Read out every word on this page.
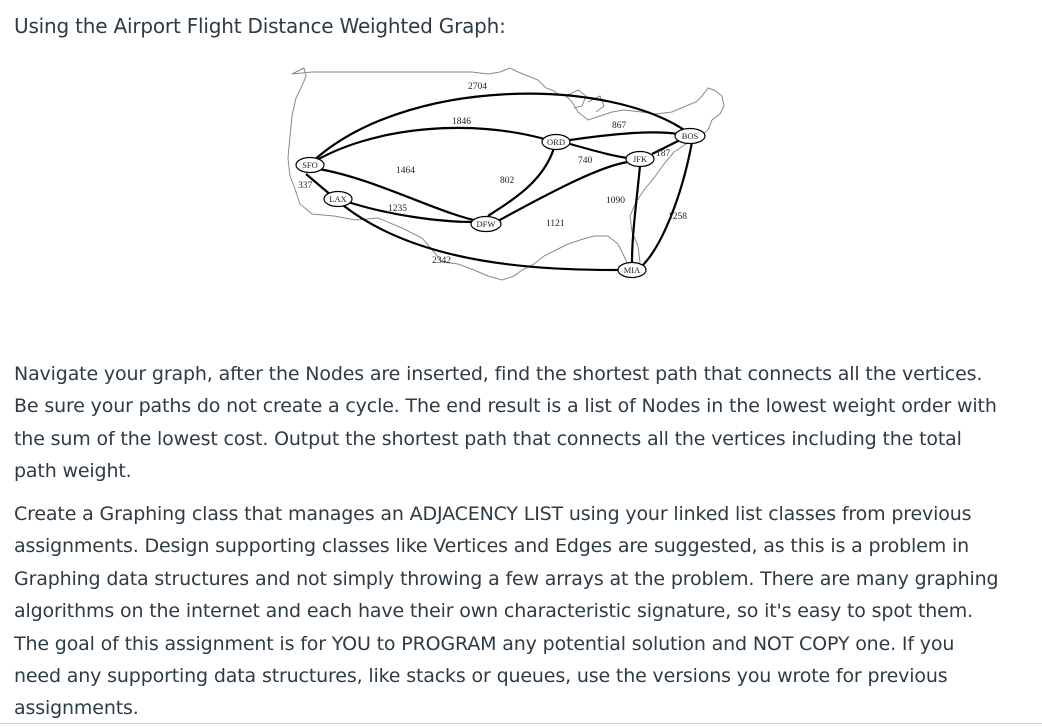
Using the Airport Flight Distance Weighted Graph:
2704
1846
337
1464
1235
2342
802
867
740
187
1121
1090
1258
SFO
LAX
ORD
DFW
JFK
BOS
MIA

Navigate your graph, after the Nodes are inserted, find the shortest path that connects all the vertices.

Be sure your paths do not create a cycle. The end result is a list of Nodes in the lowest weight order with

the sum of the lowest cost. Output the shortest path that connects all the vertices including the total

path weight.

Create a Graphing class that manages an ADJACENCY LIST using your linked list classes from previous

assignments. Design supporting classes like Vertices and Edges are suggested, as this is a problem in

Graphing data structures and not simply throwing a few arrays at the problem. There are many graphing

algorithms on the internet and each have their own characteristic signature, so it's easy to spot them.

The goal of this assignment is for YOU to PROGRAM any potential solution and NOT COPY one. If you

need any supporting data structures, like stacks or queues, use the versions you wrote for previous

assignments.
